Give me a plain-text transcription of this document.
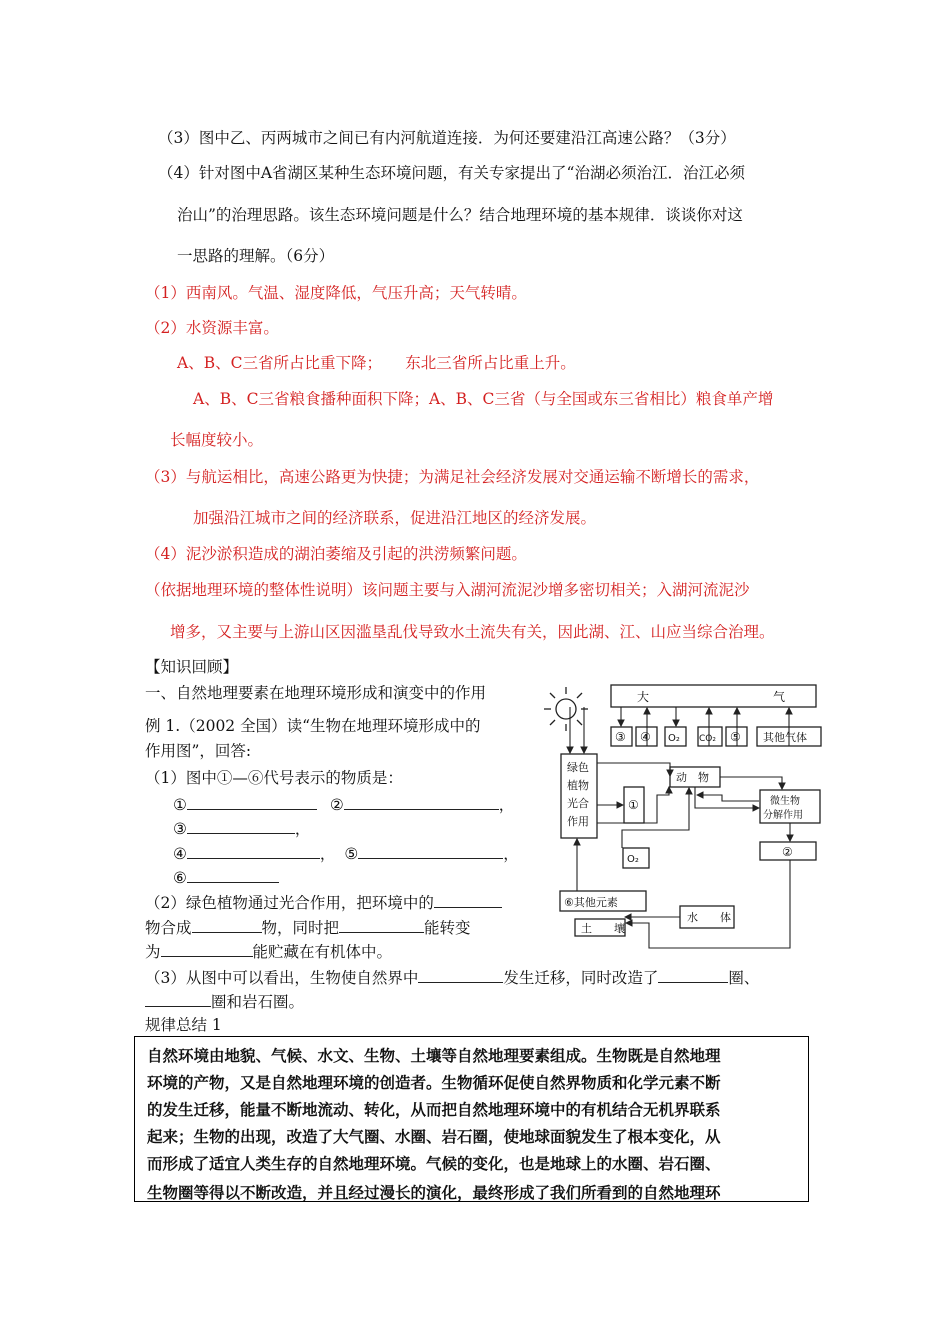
（3）图中乙、丙两城市之间已有内河航道连接．为何还要建沿江高速公路？（3分）
（4）针对图中A省湖区某种生态环境问题，有关专家提出了“治湖必须治江．治江必须
治山”的治理思路。该生态环境问题是什么？结合地理环境的基本规律．谈谈你对这
一思路的理解。（6分）
（1）西南风。气温、湿度降低，气压升高；天气转晴。
（2）水资源丰富。
A、B、C三省所占比重下降；　　东北三省所占比重上升。
A、B、C三省粮食播种面积下降；A、B、C三省（与全国或东三省相比）粮食单产增
长幅度较小。
（3）与航运相比，高速公路更为快捷；为满足社会经济发展对交通运输不断增长的需求，
加强沿江城市之间的经济联系，促进沿江地区的经济发展。
（4）泥沙淤积造成的湖泊萎缩及引起的洪涝频繁问题。
（依据地理环境的整体性说明）该问题主要与入湖河流泥沙增多密切相关；入湖河流泥沙
增多，又主要与上游山区因滥垦乱伐导致水土流失有关，因此湖、江、山应当综合治理。
【知识回顾】
一、自然地理要素在地理环境形成和演变中的作用
例 1.（2002 全国）读“生物在地理环境形成中的
作用图”，回答:
（1）图中①—⑥代号表示的物质是：
①	②	，
③	，
④	， ⑤	，
⑥
（2）绿色植物通过光合作用，把环境中的
物合成	物，同时把	能转变
为	能贮藏在有机体中。
（3）从图中可以看出，生物使自然界中	发生迁移，同时改造了	圈、
圈和岩石圈。
规律总结 1
自然环境由地貌、气候、水文、生物、土壤等自然地理要素组成。生物既是自然地理
环境的产物，又是自然地理环境的创造者。生物循环促使自然界物质和化学元素不断
的发生迁移，能量不断地流动、转化，从而把自然地理环境中的有机结合无机界联系
起来；生物的出现，改造了大气圈、水圈、岩石圈，使地球面貌发生了根本变化，从
而形成了适宜人类生存的自然地理环境。气候的变化，也是地球上的水圈、岩石圈、
生物圈等得以不断改造，并且经过漫长的演化，最终形成了我们所看到的自然地理环
大	气
③ ④ O₂ CO₂ ⑤ 其他气体
绿色
植物
光合
作用
①
动　物
微生物
分解作用
O₂
②
⑥其他元素
水　　体
土　　壤
